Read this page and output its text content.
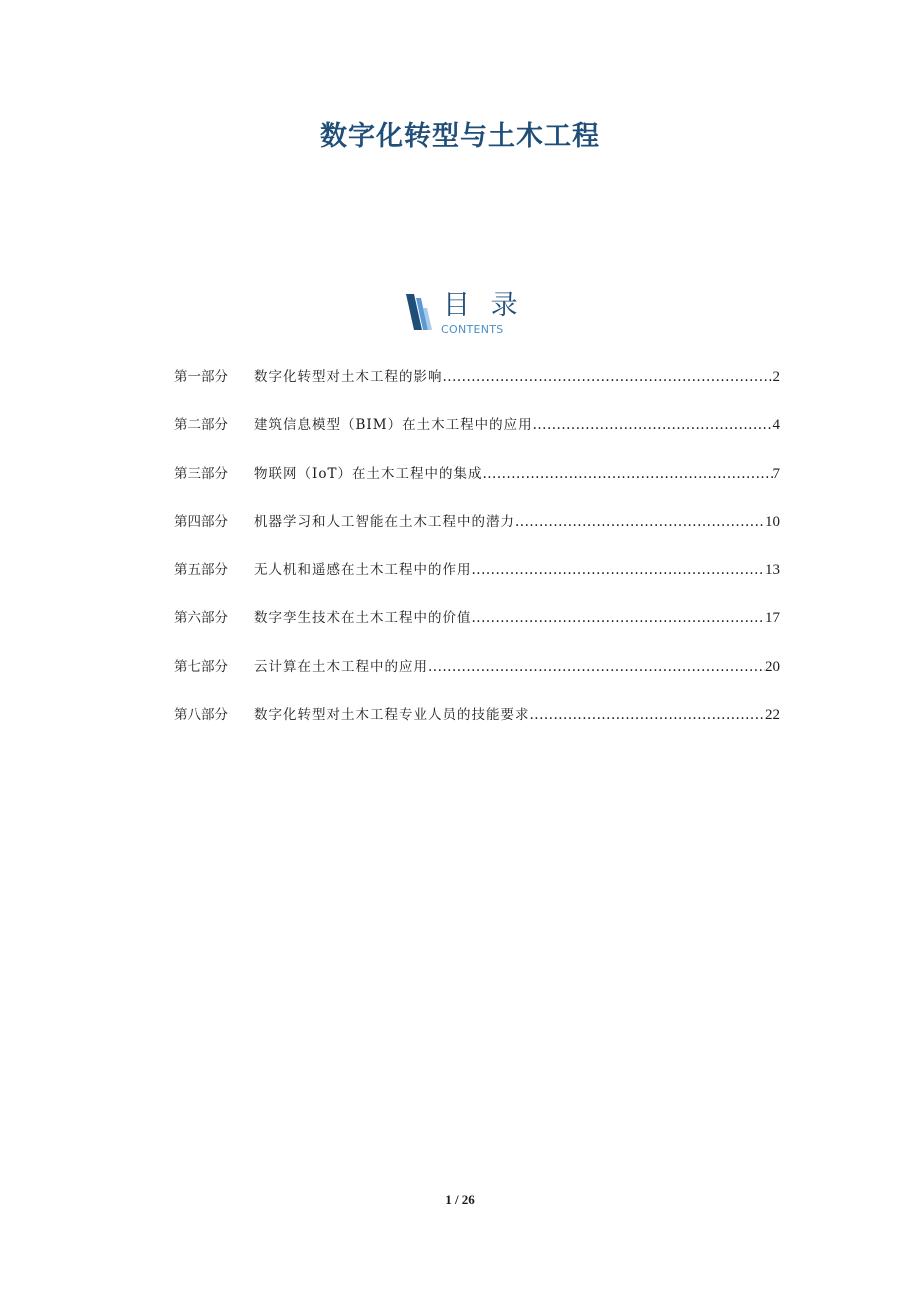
数字化转型与土木工程
目 录
CONTENTS
第一部分	数字化转型对土木工程的影响 .....	2
第二部分	建筑信息模型（BIM）在土木工程中的应用 .....	4
第三部分	物联网（IoT）在土木工程中的集成 .....	7
第四部分	机器学习和人工智能在土木工程中的潜力 .....	10
第五部分	无人机和遥感在土木工程中的作用 .....	13
第六部分	数字孪生技术在土木工程中的价值 .....	17
第七部分	云计算在土木工程中的应用 .....	20
第八部分	数字化转型对土木工程专业人员的技能要求 .....	22
1 / 26
